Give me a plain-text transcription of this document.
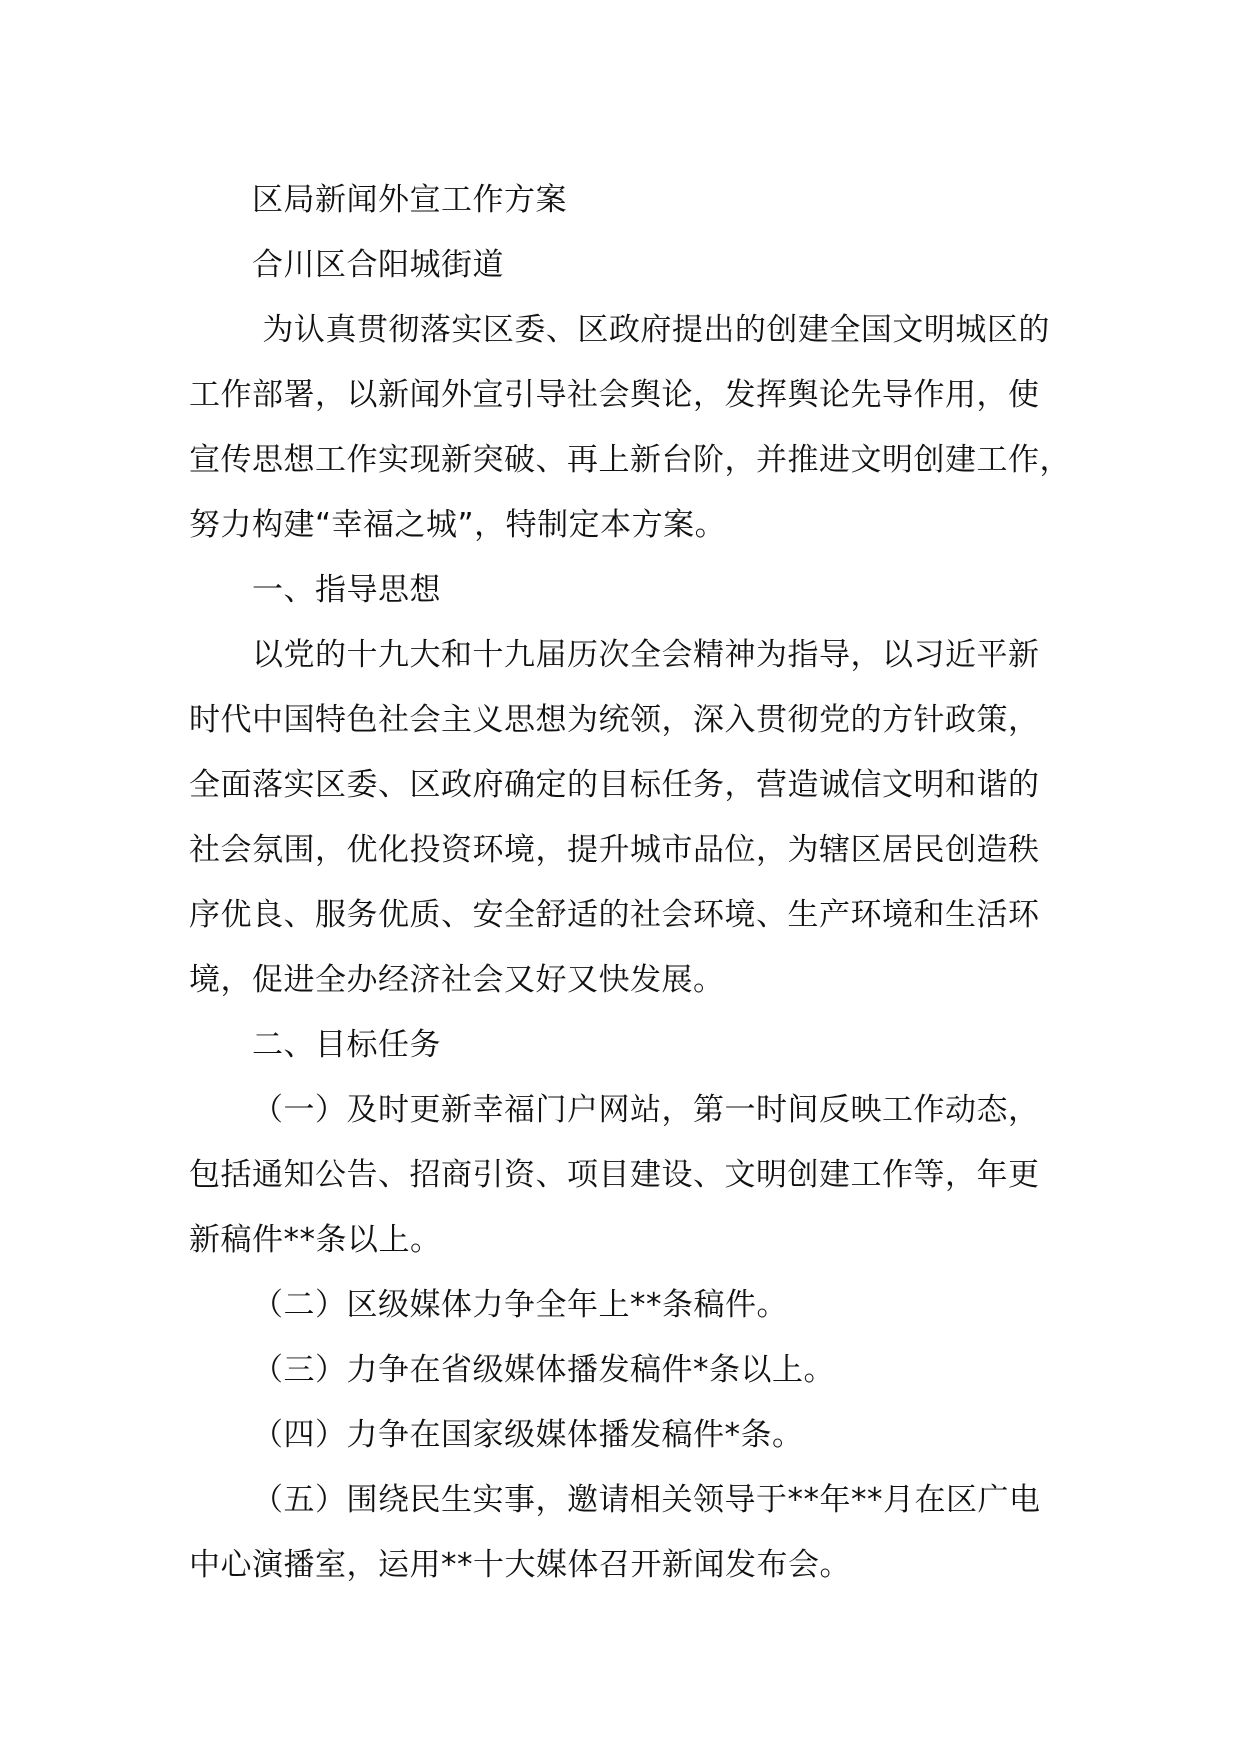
区局新闻外宣工作方案
合川区合阳城街道
为认真贯彻落实区委、区政府提出的创建全国文明城区的
工作部署，以新闻外宣引导社会舆论，发挥舆论先导作用，使
宣传思想工作实现新突破、再上新台阶，并推进文明创建工作，
努力构建“幸福之城”，特制定本方案。
一、指导思想
以党的十九大和十九届历次全会精神为指导，以习近平新
时代中国特色社会主义思想为统领，深入贯彻党的方针政策，
全面落实区委、区政府确定的目标任务，营造诚信文明和谐的
社会氛围，优化投资环境，提升城市品位，为辖区居民创造秩
序优良、服务优质、安全舒适的社会环境、生产环境和生活环
境，促进全办经济社会又好又快发展。
二、目标任务
（一）及时更新幸福门户网站，第一时间反映工作动态，
包括通知公告、招商引资、项目建设、文明创建工作等，年更
新稿件**条以上。
（二）区级媒体力争全年上**条稿件。
（三）力争在省级媒体播发稿件*条以上。
（四）力争在国家级媒体播发稿件*条。
（五）围绕民生实事，邀请相关领导于**年**月在区广电
中心演播室，运用**十大媒体召开新闻发布会。
